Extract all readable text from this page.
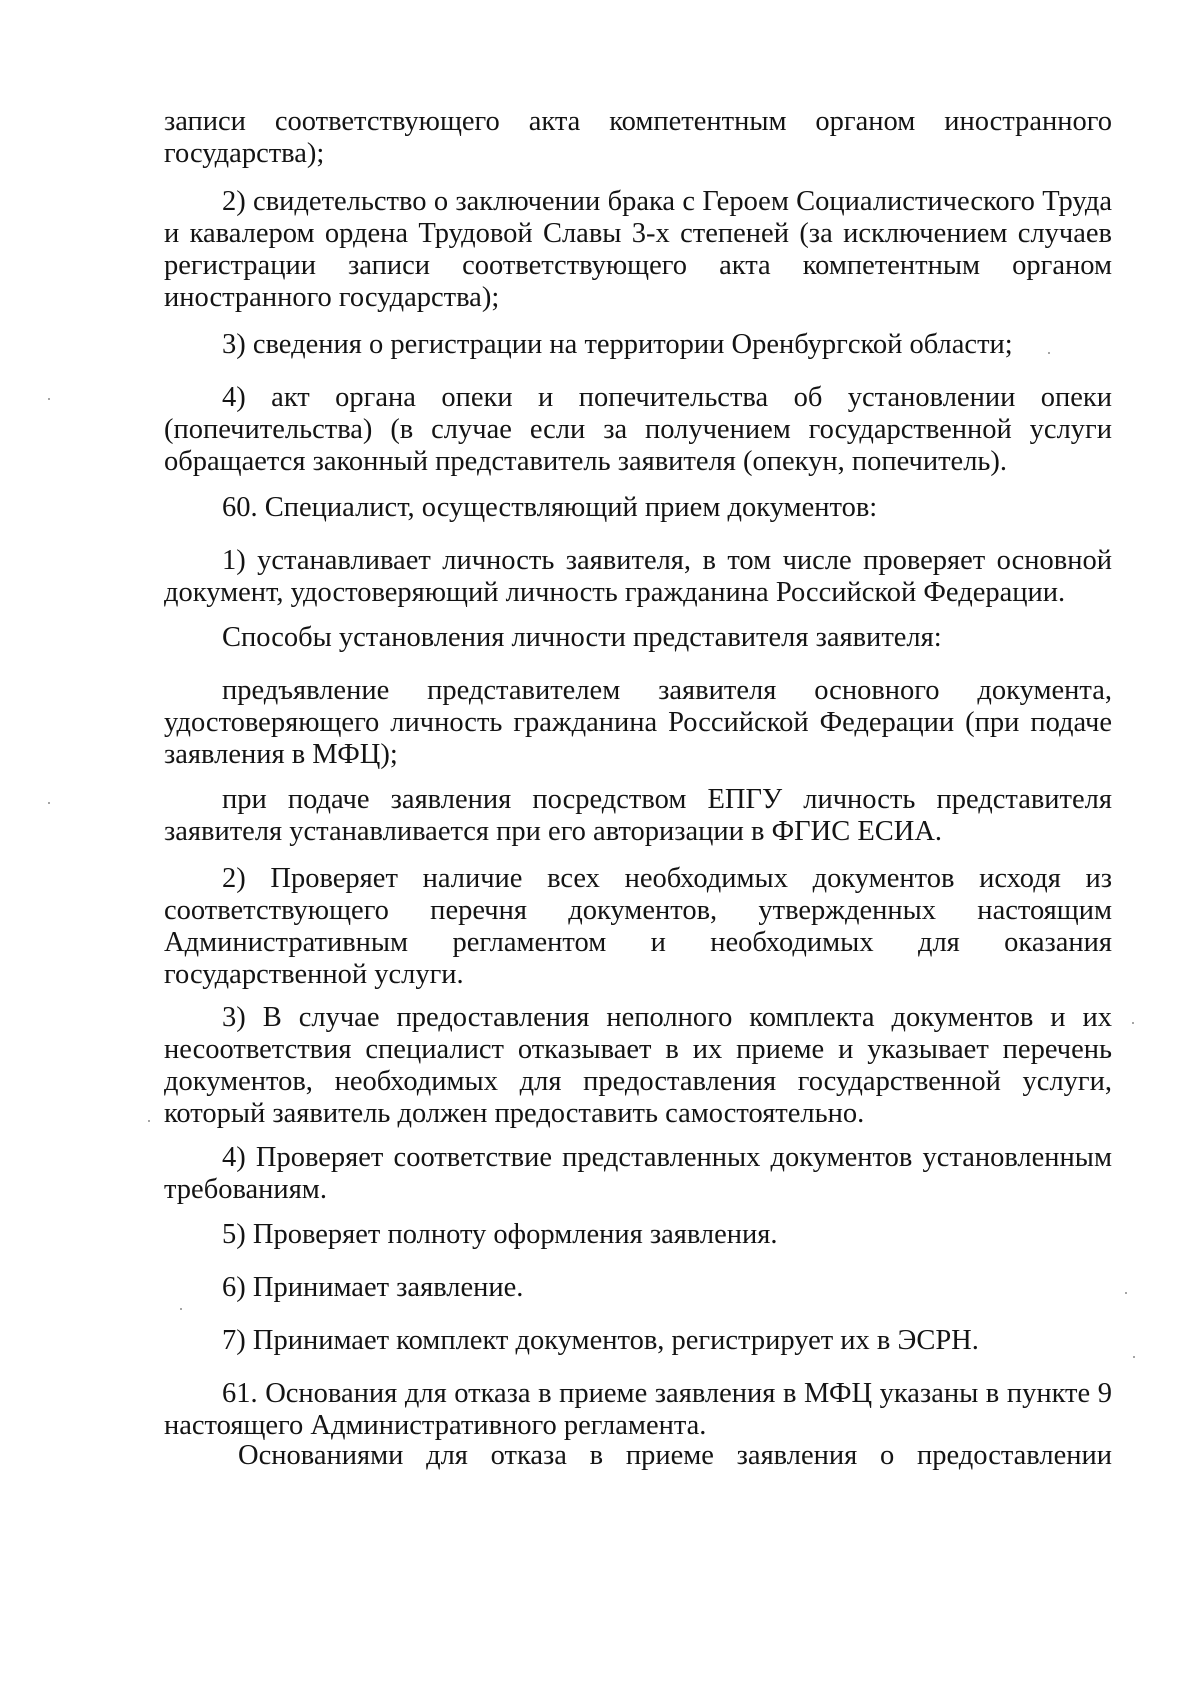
записи соответствующего акта компетентным органом иностранного
государства);
2) свидетельство о заключении брака с Героем Социалистического Труда
и кавалером ордена Трудовой Славы 3-х степеней (за исключением случаев
регистрации записи соответствующего акта компетентным органом
иностранного государства);
3) сведения о регистрации на территории Оренбургской области;
4) акт органа опеки и попечительства об установлении опеки
(попечительства) (в случае если за получением государственной услуги
обращается законный представитель заявителя (опекун, попечитель).
60. Специалист, осуществляющий прием документов:
1) устанавливает личность заявителя, в том числе проверяет основной
документ, удостоверяющий личность гражданина Российской Федерации.
Способы установления личности представителя заявителя:
предъявление представителем заявителя основного документа,
удостоверяющего личность гражданина Российской Федерации (при подаче
заявления в МФЦ);
при подаче заявления посредством ЕПГУ личность представителя
заявителя устанавливается при его авторизации в ФГИС ЕСИА.
2) Проверяет наличие всех необходимых документов исходя из
соответствующего перечня документов, утвержденных настоящим
Административным регламентом и необходимых для оказания
государственной услуги.
3) В случае предоставления неполного комплекта документов и их
несоответствия специалист отказывает в их приеме и указывает перечень
документов, необходимых для предоставления государственной услуги,
который заявитель должен предоставить самостоятельно.
4) Проверяет соответствие представленных документов установленным
требованиям.
5) Проверяет полноту оформления заявления.
6) Принимает заявление.
7) Принимает комплект документов, регистрирует их в ЭСРН.
61. Основания для отказа в приеме заявления в МФЦ указаны в пункте 9
настоящего Административного регламента.
Основаниями для отказа в приеме заявления о предоставлении
